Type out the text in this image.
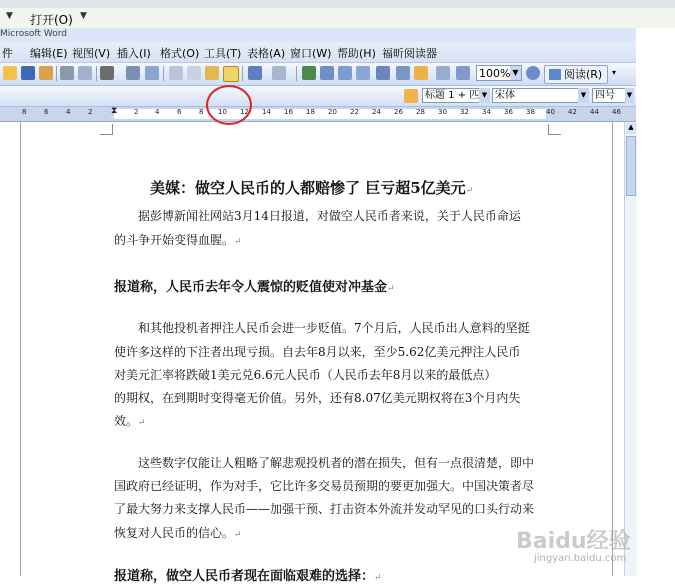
▼ 打开(O) ▼
Microsoft Word
件 编辑(E) 视图(V) 插入(I) 格式(O) 工具(T) 表格(A) 窗口(W) 帮助(H) 福昕阅读器
100% ▼	阅读(R)	▾
标题 1 + 匹 ▼ 宋体	▼ 四号	▼
8	6	4	2 ⧗ 2 4	6	8 10 12 14 16 18 20 22 24 26 28 30 32 34 36 38 40 42 44 46
美媒：做空人民币的人都赔惨了 巨亏超5亿美元↵
据彭博新闻社网站3月14日报道，对做空人民币者来说，关于人民币命运
的斗争开始变得血腥。↵
报道称，人民币去年令人震惊的贬值使对冲基金↵
和其他投机者押注人民币会进一步贬值。7个月后，人民币出人意料的坚挺
使许多这样的下注者出现亏损。自去年8月以来，至少5.62亿美元押注人民币
对美元汇率将跌破1美元兑6.6元人民币（人民币去年8月以来的最低点）
的期权，在到期时变得毫无价值。另外，还有8.07亿美元期权将在3个月内失
效。↵
这些数字仅能让人粗略了解悲观投机者的潜在损失，但有一点很清楚，即中
国政府已经证明，作为对手，它比许多交易员预期的要更加强大。中国决策者尽
了最大努力来支撑人民币——加强干预、打击资本外流并发动罕见的口头行动来
恢复对人民币的信心。↵
报道称，做空人民币者现在面临艰难的选择：↵
▲
Baidu经验
jingyan.baidu.com
